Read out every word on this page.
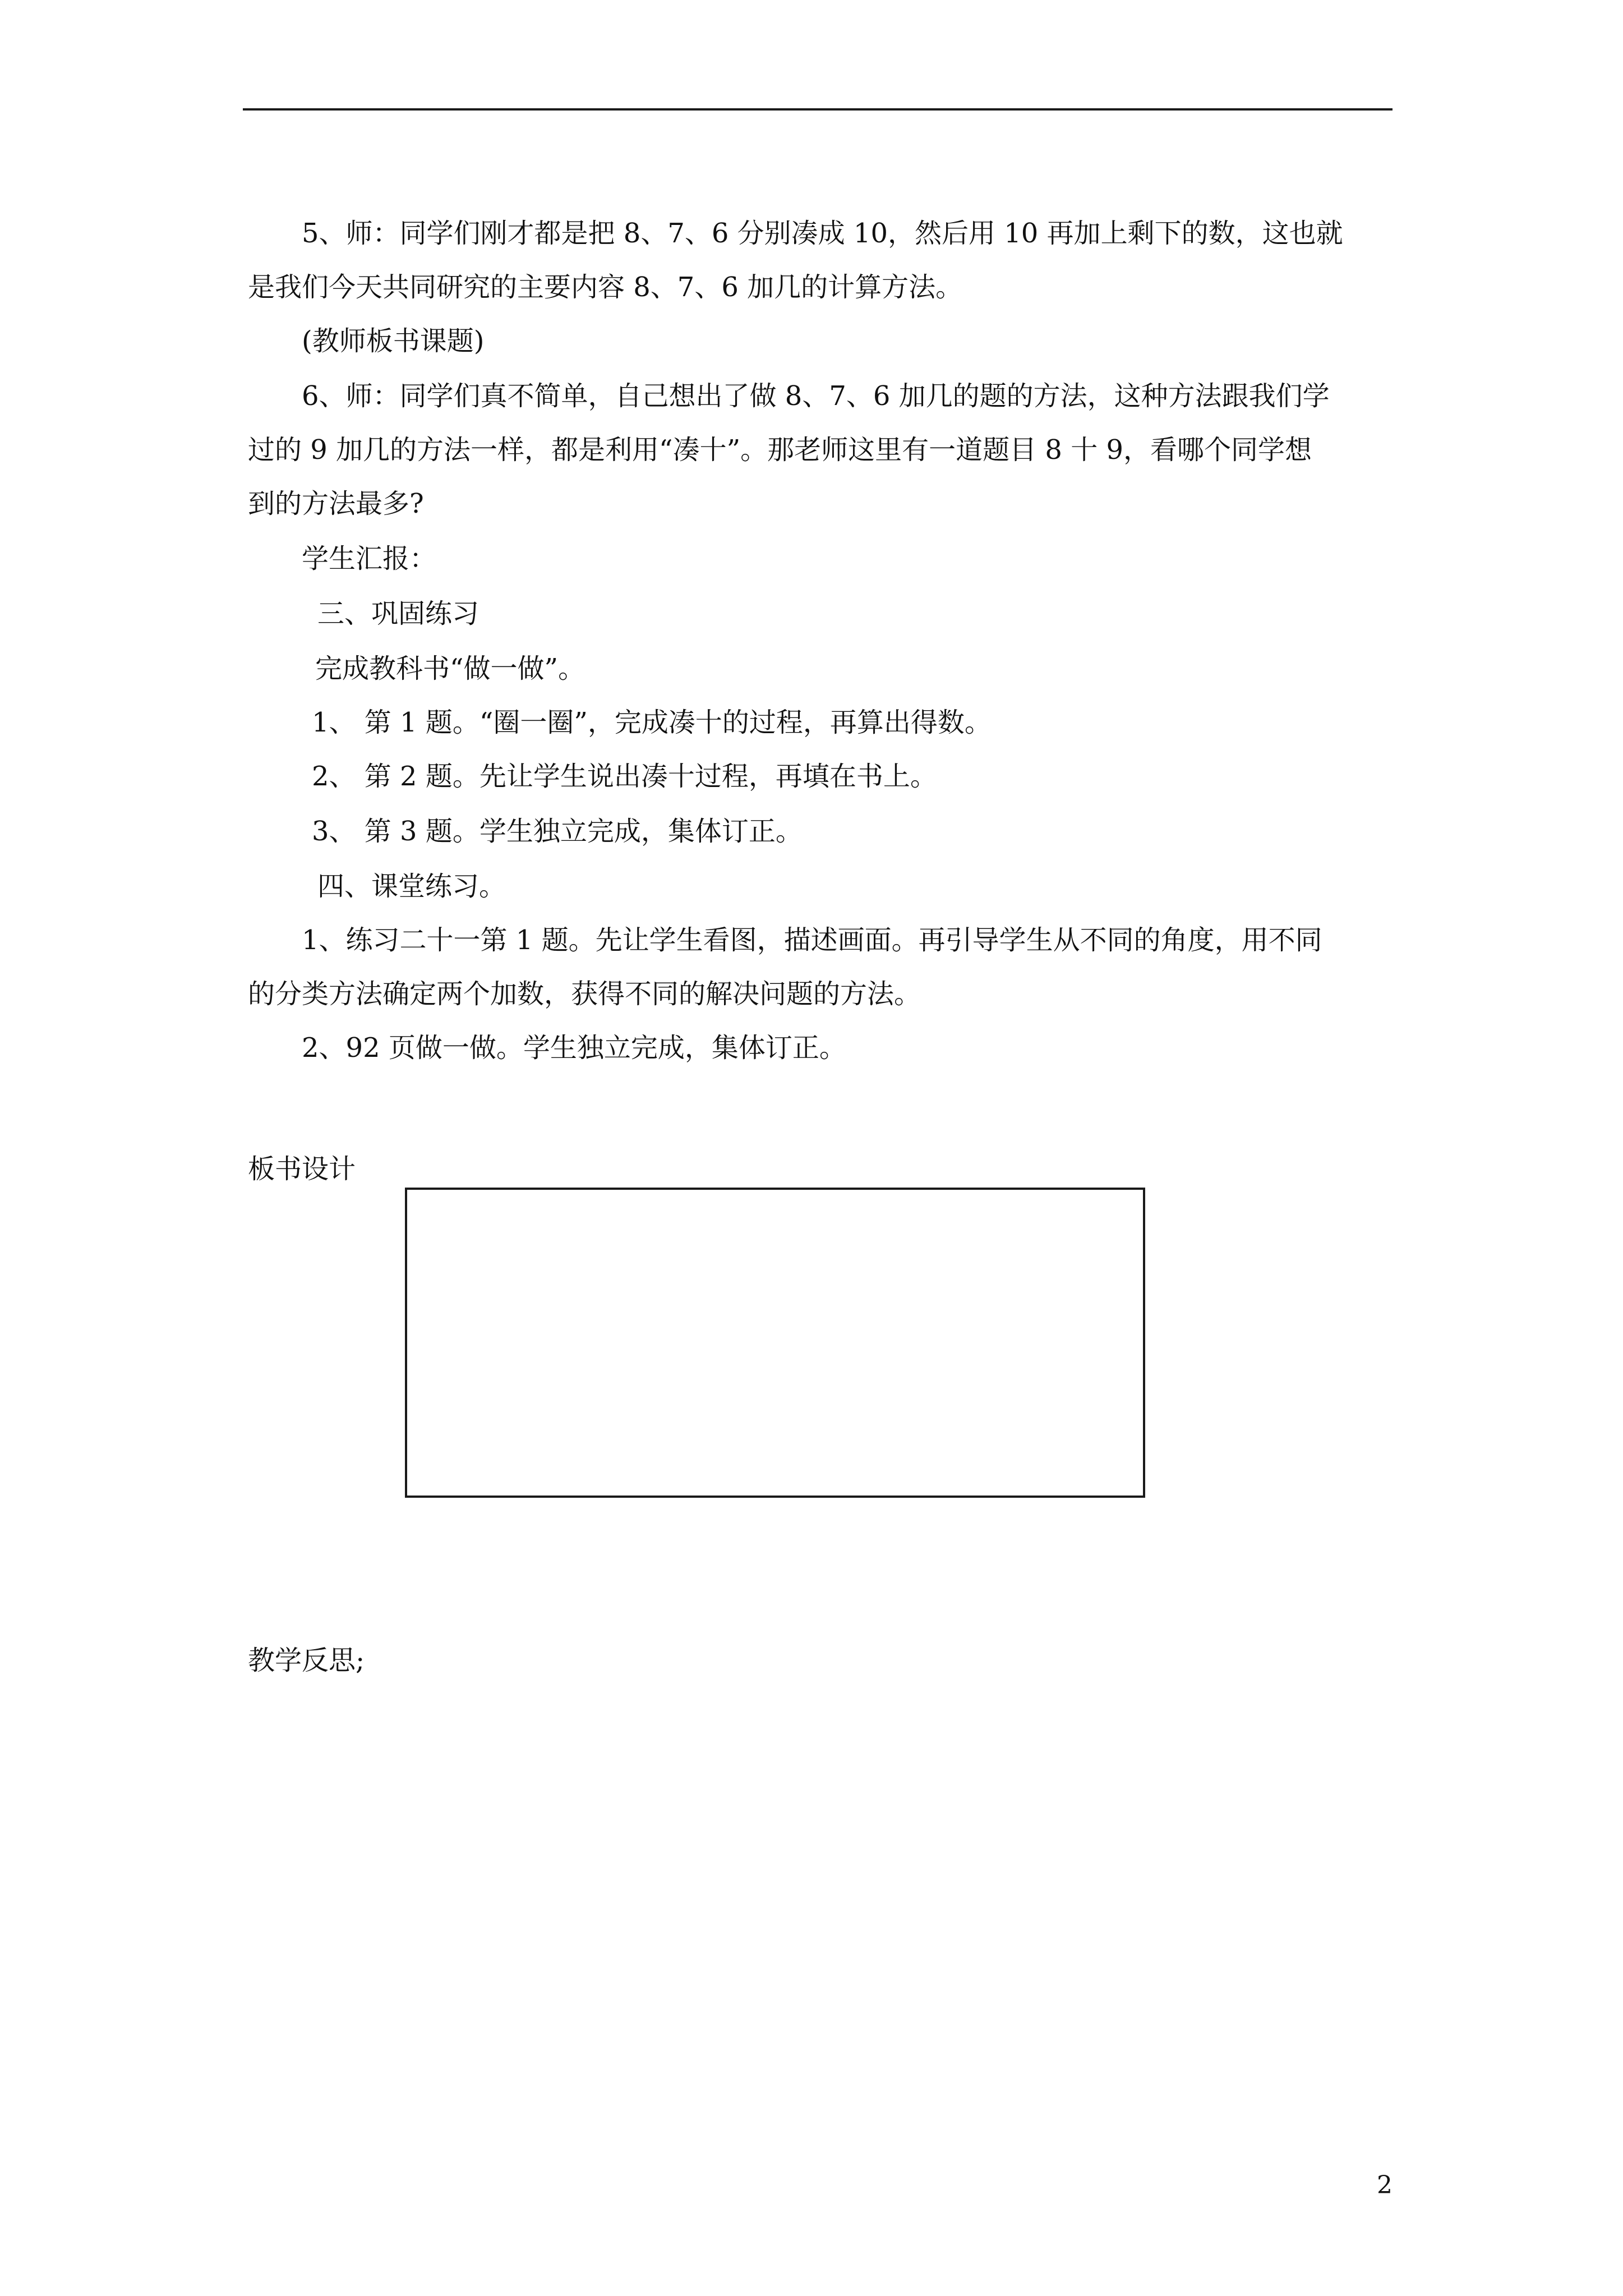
5、师：同学们刚才都是把 8、7、6 分别凑成 10，然后用 10 再加上剩下的数，这也就
是我们今天共同研究的主要内容 8、7、6 加几的计算方法。
(教师板书课题)
6、师：同学们真不简单，自己想出了做 8、7、6 加几的题的方法，这种方法跟我们学
过的 9 加几的方法一样，都是利用“凑十”。那老师这里有一道题目 8 十 9，看哪个同学想
到的方法最多?
学生汇报：
三、巩固练习
完成教科书“做一做”。
1、 第 1 题。“圈一圈”，完成凑十的过程，再算出得数。
2、 第 2 题。先让学生说出凑十过程，再填在书上。
3、 第 3 题。学生独立完成，集体订正。
四、课堂练习。
1、练习二十一第 1 题。先让学生看图，描述画面。再引导学生从不同的角度，用不同
的分类方法确定两个加数，获得不同的解决问题的方法。
2、92 页做一做。学生独立完成，集体订正。
板书设计
教学反思;
2
